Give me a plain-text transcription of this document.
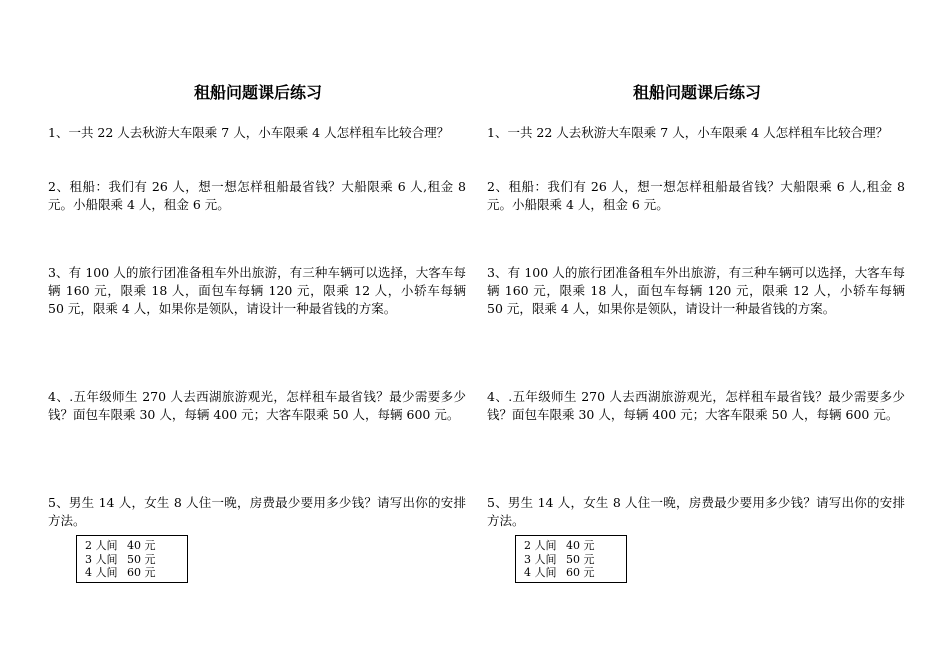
租船问题课后练习
1、一共 22 人去秋游大车限乘 7 人，小车限乘 4 人怎样租车比较合理？
2、租船：我们有 26 人，想一想怎样租船最省钱？大船限乘 6 人,租金 8 元。小船限乘 4 人，租金 6 元。
3、有 100 人的旅行团准备租车外出旅游，有三种车辆可以选择，大客车每辆 160 元，限乘 18 人，面包车每辆 120 元，限乘 12 人，小轿车每辆 50 元，限乘 4 人，如果你是领队，请设计一种最省钱的方案。
4、.五年级师生 270 人去西湖旅游观光，怎样租车最省钱？最少需要多少钱？面包车限乘 30 人，每辆 400 元；大客车限乘 50 人，每辆 600 元。
5、男生 14 人，女生 8 人住一晚，房费最少要用多少钱？请写出你的安排方法。
2 人间 40 元
3 人间 50 元
4 人间 60 元
租船问题课后练习
1、一共 22 人去秋游大车限乘 7 人，小车限乘 4 人怎样租车比较合理？
2、租船：我们有 26 人，想一想怎样租船最省钱？大船限乘 6 人,租金 8 元。小船限乘 4 人，租金 6 元。
3、有 100 人的旅行团准备租车外出旅游，有三种车辆可以选择，大客车每辆 160 元，限乘 18 人，面包车每辆 120 元，限乘 12 人，小轿车每辆 50 元，限乘 4 人，如果你是领队，请设计一种最省钱的方案。
4、.五年级师生 270 人去西湖旅游观光，怎样租车最省钱？最少需要多少钱？面包车限乘 30 人，每辆 400 元；大客车限乘 50 人，每辆 600 元。
5、男生 14 人，女生 8 人住一晚，房费最少要用多少钱？请写出你的安排方法。
2 人间 40 元
3 人间 50 元
4 人间 60 元
